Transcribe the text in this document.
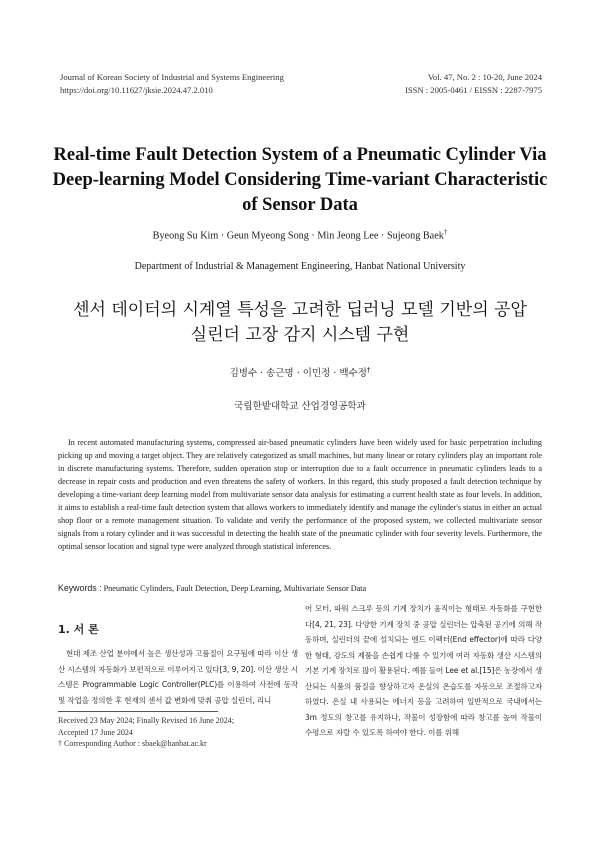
Journal of Korean Society of Industrial and Systems Engineering
https://doi.org/10.11627/jksie.2024.47.2.010
Vol. 47, No. 2 : 10-20, June 2024
ISSN : 2005-0461 / EISSN : 2287-7975
Real-time Fault Detection System of a Pneumatic Cylinder Via
Deep-learning Model Considering Time-variant Characteristic
of Sensor Data
Byeong Su Kim · Geun Myeong Song · Min Jeong Lee · Sujeong Baek†
Department of Industrial & Management Engineering, Hanbat National University
센서 데이터의 시계열 특성을 고려한 딥러닝 모델 기반의 공압
실린더 고장 감지 시스템 구현
김병수 · 송근명 · 이민정 · 백수정†
국립한밭대학교 산업경영공학과
In recent automated manufacturing systems, compressed air-based pneumatic cylinders have been widely used for basic perpetration including picking up and moving a target object. They are relatively categorized as small machines, but many linear or rotary cylinders play an important role in discrete manufacturing systems. Therefore, sudden operation stop or interruption due to a fault occurrence in pneumatic cylinders leads to a decrease in repair costs and production and even threatens the safety of workers. In this regard, this study proposed a fault detection technique by developing a time-variant deep learning model from multivariate sensor data analysis for estimating a current health state as four levels. In addition, it aims to establish a real-time fault detection system that allows workers to immediately identify and manage the cylinder's status in either an actual shop floor or a remote management situation. To validate and verify the performance of the proposed system, we collected multivariate sensor signals from a rotary cylinder and it was successful in detecting the health state of the pneumatic cylinder with four severity levels. Furthermore, the optimal sensor location and signal type were analyzed through statistical inferences.
Keywords : Pneumatic Cylinders, Fault Detection, Deep Learning, Multivariate Sensor Data
1. 서 론
현대 제조 산업 분야에서 높은 생산성과 고품질이 요구됨에 따라 이산 생산 시스템의 자동화가 보편적으로 이루어지고 있다[3, 9, 20]. 이산 생산 시스템은 Programmable Logic Controller(PLC)를 이용하여 사전에 동작 및 작업을 정의한 후 현재의 센서 값 변화에 맞춰 공압 실린더, 리니
어 모터, 파워 스크루 등의 기계 장치가 움직이는 형태로 자동화를 구현한다[4, 21, 23]. 다양한 기계 장치 중 공압 실린더는 압축된 공기에 의해 작동하며, 실린더의 끝에 설치되는 엔드 이펙터(End effector)에 따라 다양한 형태, 강도의 제품을 손쉽게 다룰 수 있기에 여러 자동화 생산 시스템의 기본 기계 장치로 많이 활용된다. 예를 들어 Lee et al.[15]은 농장에서 생산되는 식품의 품질을 향상하고자 온실의 온습도를 자동으로 조절하고자 하였다. 온실 내 사용되는 에너지 등을 고려하여 일반적으로 국내에서는 3m 정도의 창고를 유지하나, 작물이 성장함에 따라 창고를 높여 작물이 수평으로 자랄 수 있도록 하여야 한다. 이를 위해
Received 23 May 2024; Finally Revised 16 June 2024;
Accepted 17 June 2024
† Corresponding Author : sbaek@hanbat.ac.kr
